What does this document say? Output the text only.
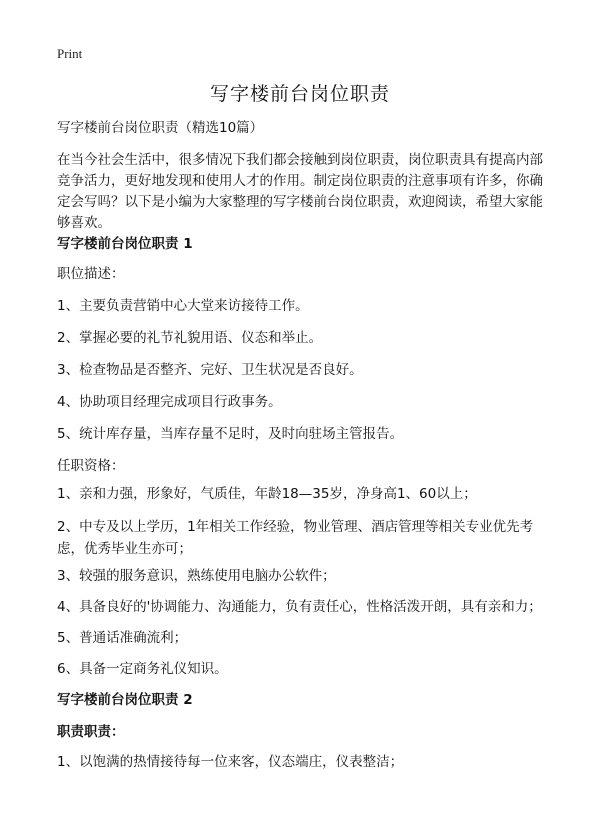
Print
写字楼前台岗位职责

写字楼前台岗位职责（精选10篇）

在当今社会生活中，很多情况下我们都会接触到岗位职责，岗位职责具有提高内部竞争活力，更好地发现和使用人才的作用。制定岗位职责的注意事项有许多，你确定会写吗？以下是小编为大家整理的写字楼前台岗位职责，欢迎阅读，希望大家能够喜欢。

写字楼前台岗位职责 1

职位描述：

1、主要负责营销中心大堂来访接待工作。

2、掌握必要的礼节礼貌用语、仪态和举止。

3、检查物品是否整齐、完好、卫生状况是否良好。

4、协助项目经理完成项目行政事务。

5、统计库存量，当库存量不足时，及时向驻场主管报告。

任职资格：

1、亲和力强，形象好，气质佳，年龄18—35岁，净身高1、60以上；

2、中专及以上学历，1年相关工作经验，物业管理、酒店管理等相关专业优先考虑，优秀毕业生亦可；

3、较强的服务意识，熟练使用电脑办公软件；

4、具备良好的'协调能力、沟通能力，负有责任心，性格活泼开朗，具有亲和力；

5、普通话准确流利；

6、具备一定商务礼仪知识。

写字楼前台岗位职责 2

职责职责：

1、以饱满的热情接待每一位来客，仪态端庄，仪表整洁；
